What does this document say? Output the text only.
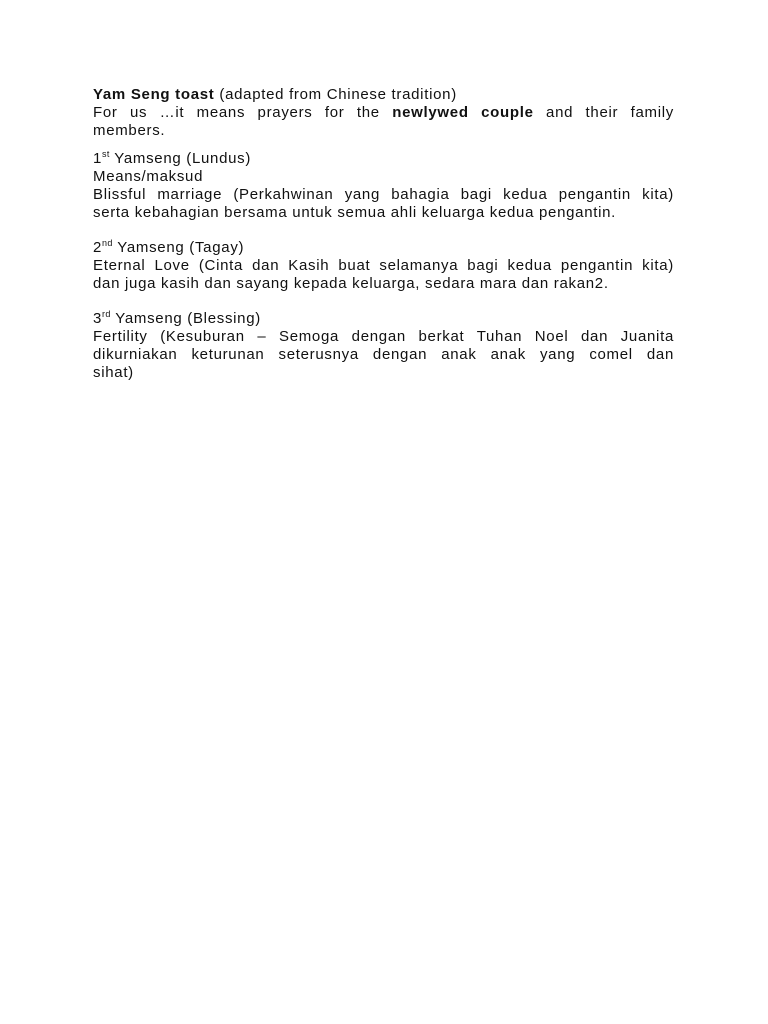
Yam Seng toast (adapted from Chinese tradition)
For us …it means prayers for the newlywed couple and their family
members.
1st Yamseng (Lundus)
Means/maksud
Blissful marriage (Perkahwinan yang bahagia bagi kedua pengantin kita)
serta kebahagian bersama untuk semua ahli keluarga kedua pengantin.
2nd Yamseng (Tagay)
Eternal Love (Cinta dan Kasih buat selamanya bagi kedua pengantin kita)
dan juga kasih dan sayang kepada keluarga, sedara mara dan rakan2.
3rd Yamseng (Blessing)
Fertility (Kesuburan – Semoga dengan berkat Tuhan Noel dan Juanita
dikurniakan keturunan seterusnya dengan anak anak yang comel dan
sihat)
